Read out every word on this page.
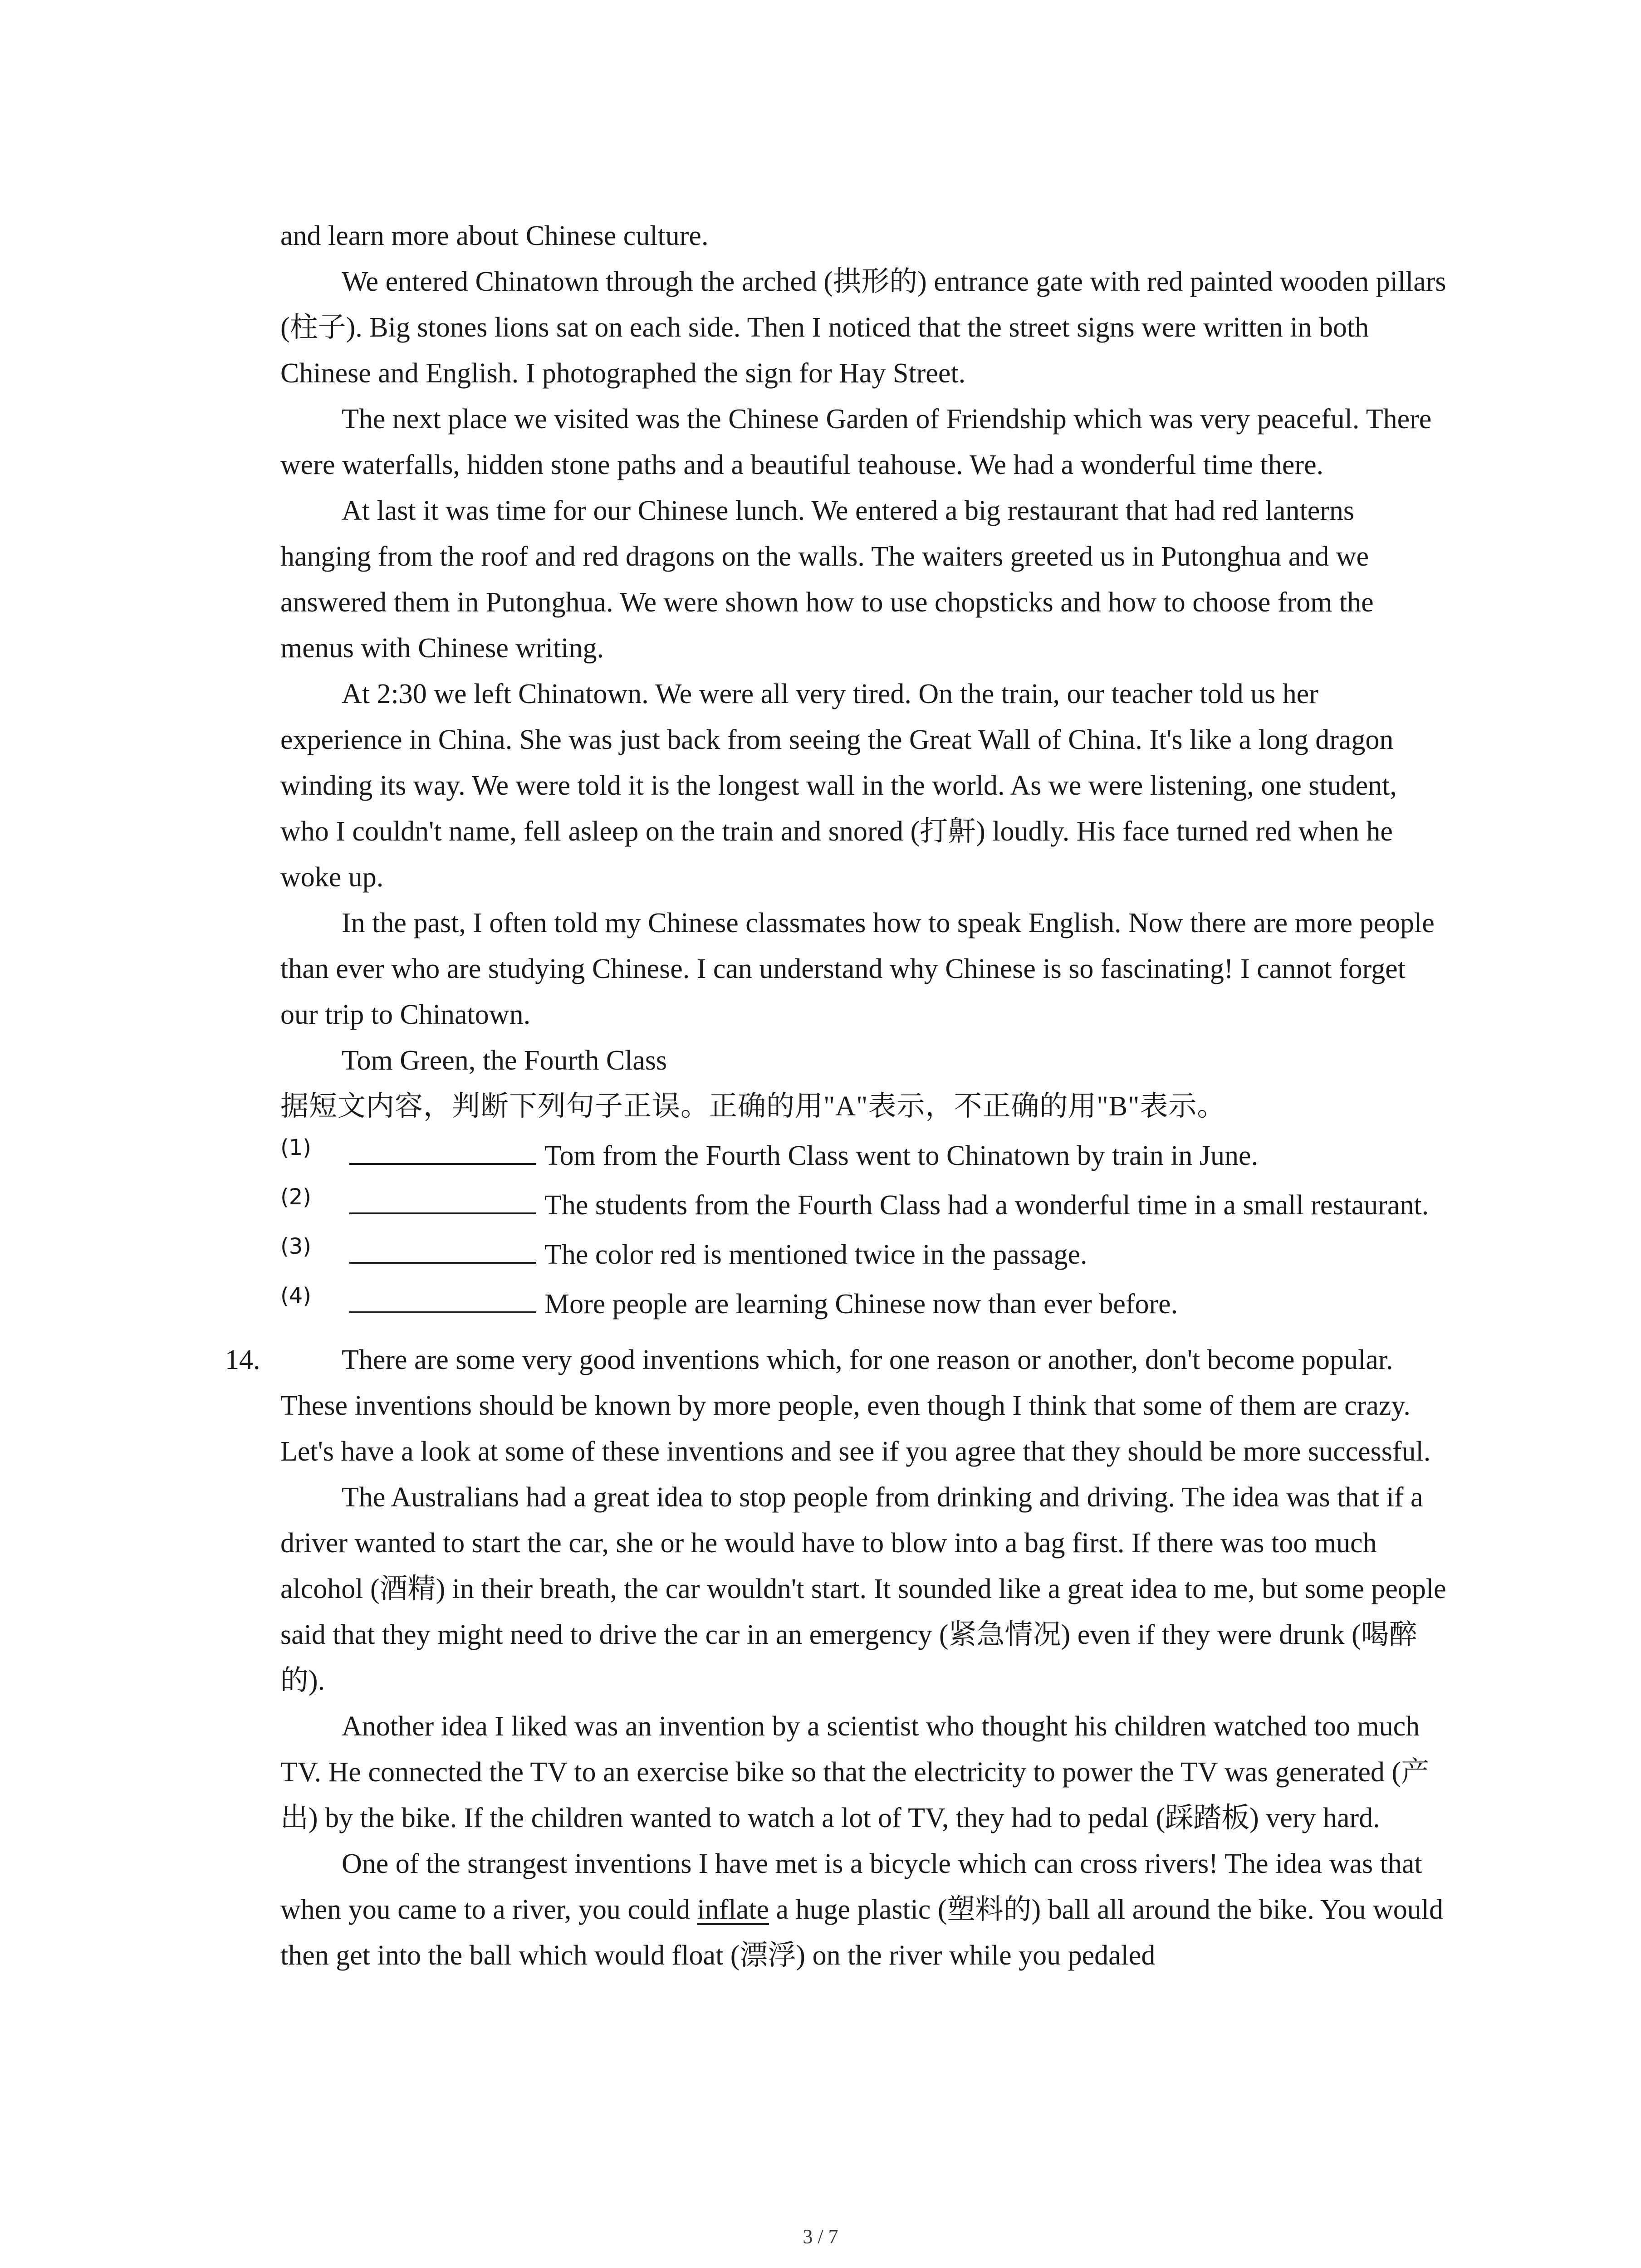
and learn more about Chinese culture.

We entered Chinatown through the arched (拱形的) entrance gate with red painted wooden pillars (柱子). Big stones lions sat on each side. Then I noticed that the street signs were written in both Chinese and English. I photographed the sign for Hay Street.

The next place we visited was the Chinese Garden of Friendship which was very peaceful. There were waterfalls, hidden stone paths and a beautiful teahouse. We had a wonderful time there.

At last it was time for our Chinese lunch. We entered a big restaurant that had red lanterns hanging from the roof and red dragons on the walls. The waiters greeted us in Putonghua and we answered them in Putonghua. We were shown how to use chopsticks and how to choose from the menus with Chinese writing.

At 2:30 we left Chinatown. We were all very tired. On the train, our teacher told us her experience in China. She was just back from seeing the Great Wall of China. It's like a long dragon winding its way. We were told it is the longest wall in the world. As we were listening, one student, who I couldn't name, fell asleep on the train and snored (打鼾) loudly. His face turned red when he woke up.

In the past, I often told my Chinese classmates how to speak English. Now there are more people than ever who are studying Chinese. I can understand why Chinese is so fascinating! I cannot forget our trip to Chinatown.

Tom Green, the Fourth Class

据短文内容，判断下列句子正误。正确的用"A"表示，不正确的用"B"表示。

(1)	Tom from the Fourth Class went to Chinatown by train in June.
(2)	The students from the Fourth Class had a wonderful time in a small restaurant.
(3)	The color red is mentioned twice in the passage.
(4)	More people are learning Chinese now than ever before.
14.	There are some very good inventions which, for one reason or another, don't become popular. These inventions should be known by more people, even though I think that some of them are crazy. Let's have a look at some of these inventions and see if you agree that they should be more successful.

The Australians had a great idea to stop people from drinking and driving. The idea was that if a driver wanted to start the car, she or he would have to blow into a bag first. If there was too much alcohol (酒精) in their breath, the car wouldn't start. It sounded like a great idea to me, but some people said that they might need to drive the car in an emergency (紧急情况) even if they were drunk (喝醉的).

Another idea I liked was an invention by a scientist who thought his children watched too much TV. He connected the TV to an exercise bike so that the electricity to power the TV was generated (产出) by the bike. If the children wanted to watch a lot of TV, they had to pedal (踩踏板) very hard.

One of the strangest inventions I have met is a bicycle which can cross rivers! The idea was that when you came to a river, you could inflate a huge plastic (塑料的) ball all around the bike. You would then get into the ball which would float (漂浮) on the river while you pedaled

3 / 7
